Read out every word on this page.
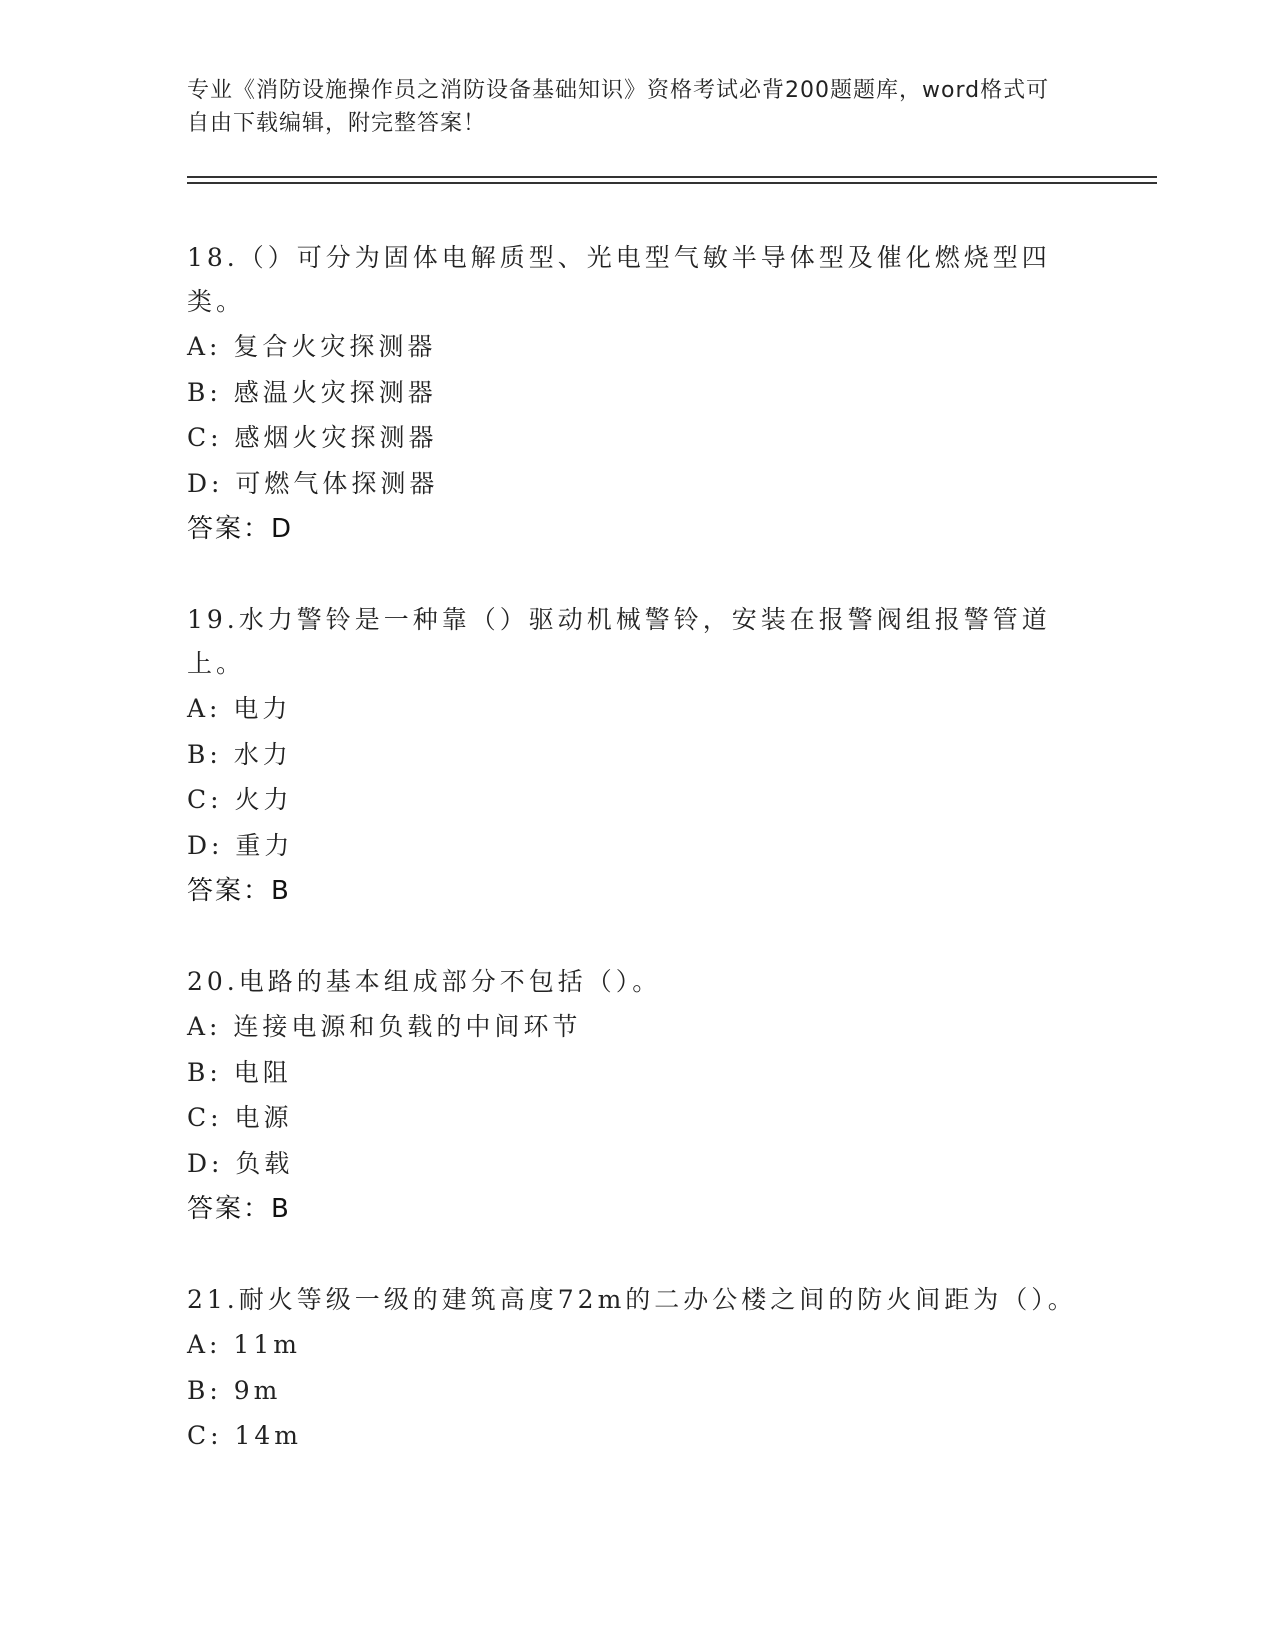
专业《消防设施操作员之消防设备基础知识》资格考试必背200题题库，word格式可自由下载编辑，附完整答案！
18.（）可分为固体电解质型、光电型气敏半导体型及催化燃烧型四类。
A: 复合火灾探测器
B: 感温火灾探测器
C: 感烟火灾探测器
D: 可燃气体探测器
答案：D
19.水力警铃是一种靠（）驱动机械警铃，安装在报警阀组报警管道上。
A: 电力
B: 水力
C: 火力
D: 重力
答案：B
20.电路的基本组成部分不包括（）。
A: 连接电源和负载的中间环节
B: 电阻
C: 电源
D: 负载
答案：B
21.耐火等级一级的建筑高度72m的二办公楼之间的防火间距为（）。
A: 11m
B: 9m
C: 14m
